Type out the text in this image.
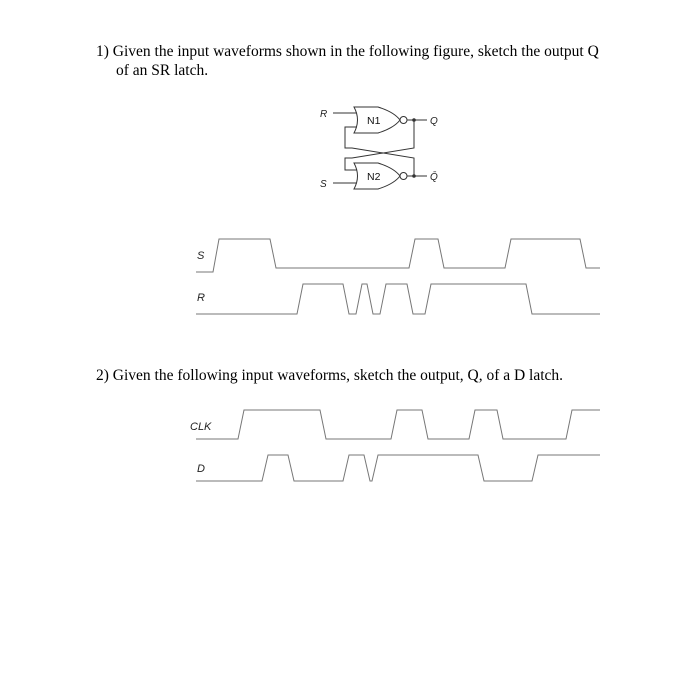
1) Given the input waveforms shown in the following figure, sketch the output Q
of an SR latch.
2) Given the following input waveforms, sketch the output, Q, of a D latch.
R
S
N1
N2
Q
Q̄
S
R
CLK
D
